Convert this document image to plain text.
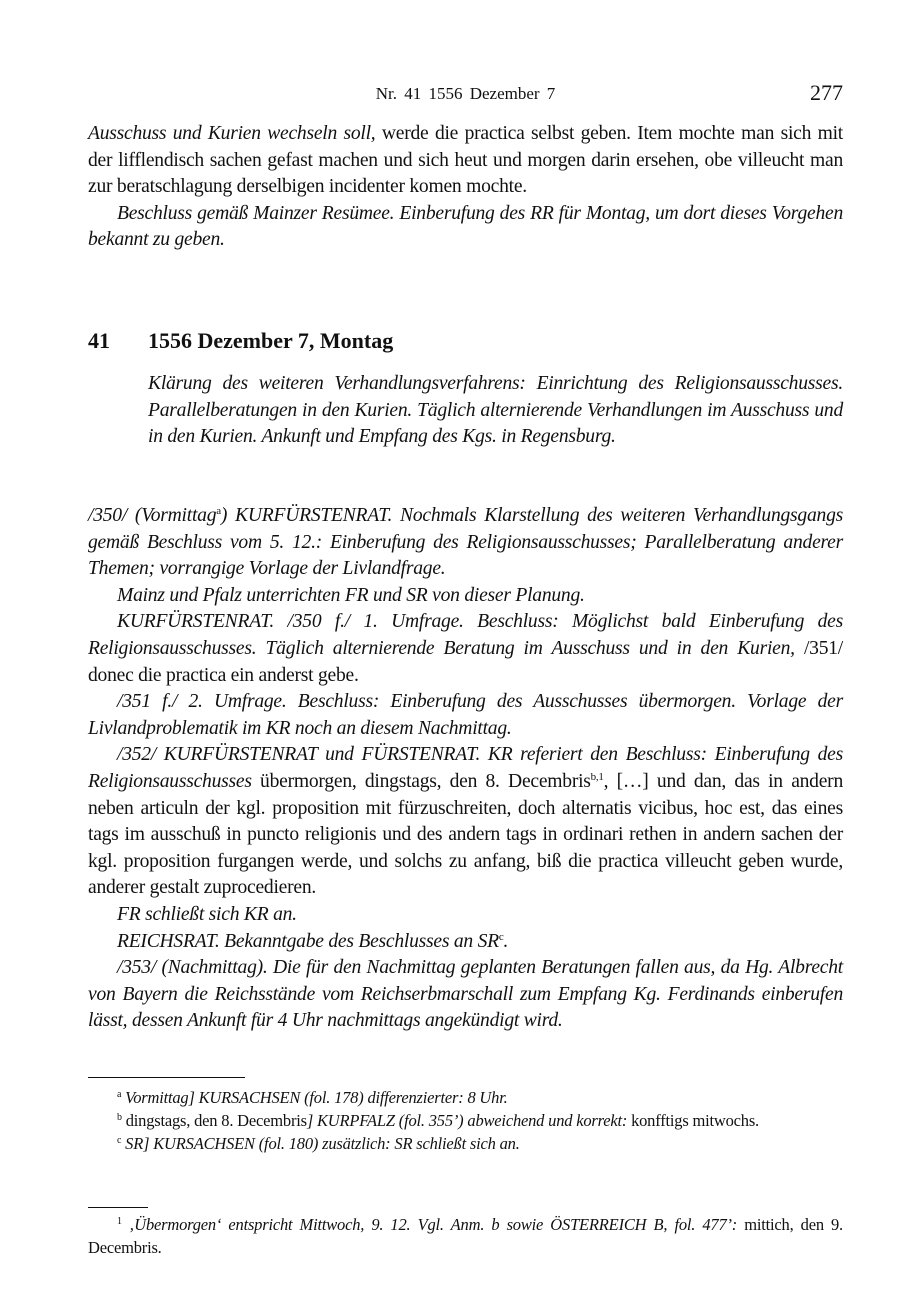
Nr. 41 1556 Dezember 7	277

Ausschuss und Kurien wechseln soll, werde die practica selbst geben. Item mochte man sich mit der lifflendisch sachen gefast machen und sich heut und morgen darin ersehen, obe villeucht man zur beratschlagung derselbigen incidenter komen mochte.

Beschluss gemäß Mainzer Resümee. Einberufung des RR für Montag, um dort dieses Vorgehen bekannt zu geben.

41 1556 Dezember 7, Montag
Klärung des weiteren Verhandlungsverfahrens: Einrichtung des Religionsausschusses. Parallelberatungen in den Kurien. Täglich alternierende Verhandlungen im Ausschuss und in den Kurien. Ankunft und Empfang des Kgs. in Regensburg.

/350/ (Vormittag$^a$) KURFÜRSTENRAT. Nochmals Klarstellung des weiteren Verhandlungsgangs gemäß Beschluss vom 5. 12.: Einberufung des Religionsausschusses; Parallelberatung anderer Themen; vorrangige Vorlage der Livlandfrage.

Mainz und Pfalz unterrichten FR und SR von dieser Planung.

KURFÜRSTENRAT. /350 f./ 1. Umfrage. Beschluss: Möglichst bald Einberufung des Religionsausschusses. Täglich alternierende Beratung im Ausschuss und in den Kurien, /351/ donec die practica ein anderst gebe.

/351 f./ 2. Umfrage. Beschluss: Einberufung des Ausschusses übermorgen. Vorlage der Livlandproblematik im KR noch an diesem Nachmittag.

/352/ KURFÜRSTENRAT und FÜRSTENRAT. KR referiert den Beschluss: Einberufung des Religionsausschusses übermorgen, dingstags, den 8. Decembris$^{b,1}$, […] und dan, das in andern neben articuln der kgl. proposition mit fürzuschreiten, doch alternatis vicibus, hoc est, das eines tags im ausschuß in puncto religionis und des andern tags in ordinari rethen in andern sachen der kgl. proposition furgangen werde, und solchs zu anfang, biß die practica villeucht geben wurde, anderer gestalt zuprocedieren.

FR schließt sich KR an.

REICHSRAT. Bekanntgabe des Beschlusses an $SR^c$.

/353/ (Nachmittag). Die für den Nachmittag geplanten Beratungen fallen aus, da Hg. Albrecht von Bayern die Reichsstände vom Reichserbmarschall zum Empfang Kg. Ferdinands einberufen lässt, dessen Ankunft für 4 Uhr nachmittags angekündigt wird.

$^a$ Vormittag] KURSACHSEN (fol. 178) differenzierter: 8 Uhr.

$^b$ dingstags, den 8. Decembris] KURPFALZ (fol. 355’) abweichend und korrekt: konfftigs mitwochs.

$^c$ SR] KURSACHSEN (fol. 180) zusätzlich: SR schließt sich an.

$^1$ ‚Übermorgen‘ entspricht Mittwoch, 9. 12. Vgl. Anm. b sowie ÖSTERREICH B, fol. 477’: mittich, den 9. Decembris.
